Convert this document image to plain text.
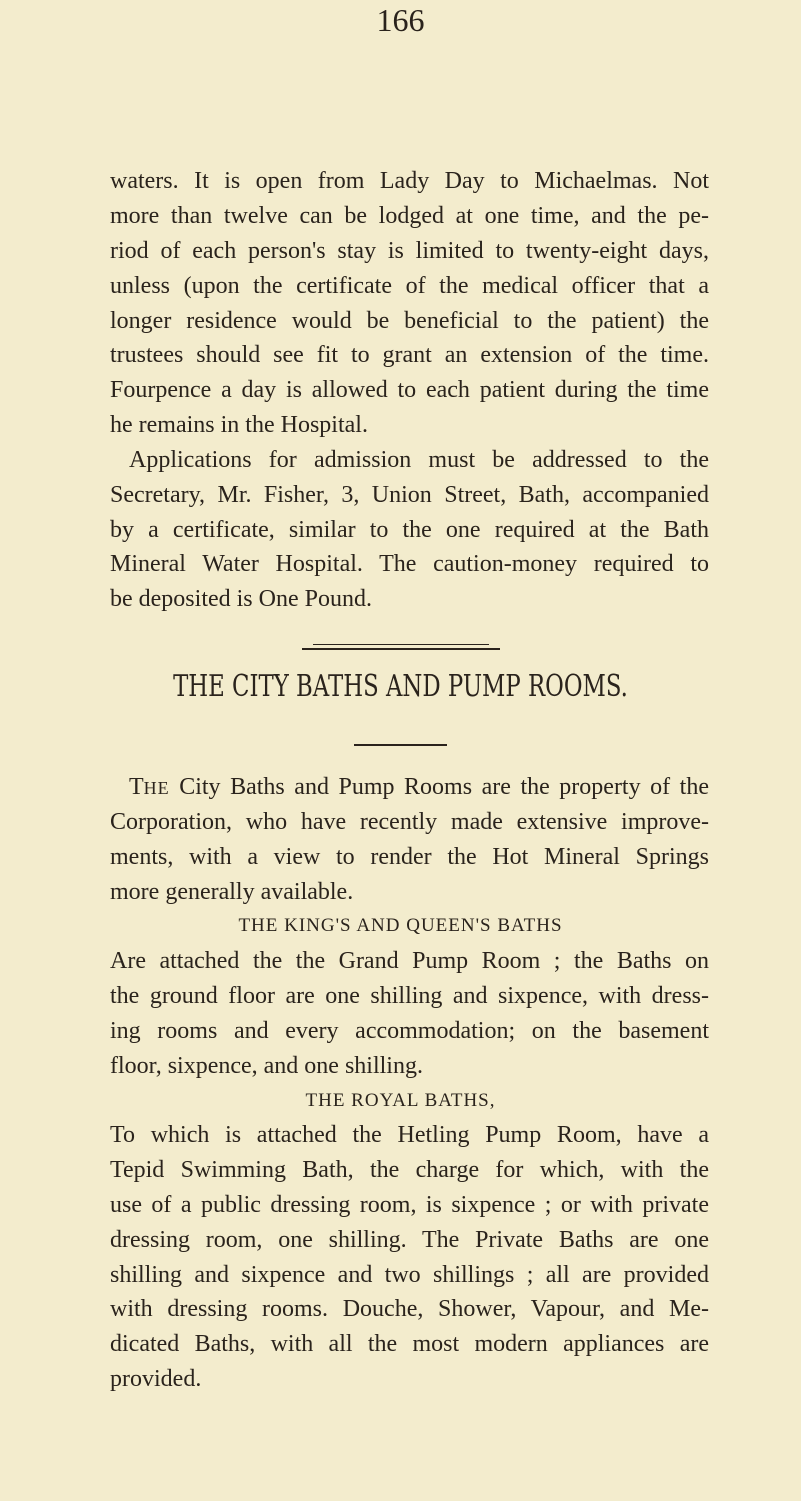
166
waters. It is open from Lady Day to Michaelmas. Not
more than twelve can be lodged at one time, and the pe-
riod of each person's stay is limited to twenty-eight days,
unless (upon the certificate of the medical officer that a
longer residence would be beneficial to the patient) the
trustees should see fit to grant an extension of the time.
Fourpence a day is allowed to each patient during the time
he remains in the Hospital.
Applications for admission must be addressed to the
Secretary, Mr. Fisher, 3, Union Street, Bath, accompanied
by a certificate, similar to the one required at the Bath
Mineral Water Hospital. The caution-money required to
be deposited is One Pound.
THE CITY BATHS AND PUMP ROOMS.
THE City Baths and Pump Rooms are the property of the
Corporation, who have recently made extensive improve-
ments, with a view to render the Hot Mineral Springs
more generally available.
THE KING'S AND QUEEN'S BATHS
Are attached the the Grand Pump Room ; the Baths on
the ground floor are one shilling and sixpence, with dress-
ing rooms and every accommodation; on the basement
floor, sixpence, and one shilling.
THE ROYAL BATHS,
To which is attached the Hetling Pump Room, have a
Tepid Swimming Bath, the charge for which, with the
use of a public dressing room, is sixpence ; or with private
dressing room, one shilling. The Private Baths are one
shilling and sixpence and two shillings ; all are provided
with dressing rooms. Douche, Shower, Vapour, and Me-
dicated Baths, with all the most modern appliances are
provided.
